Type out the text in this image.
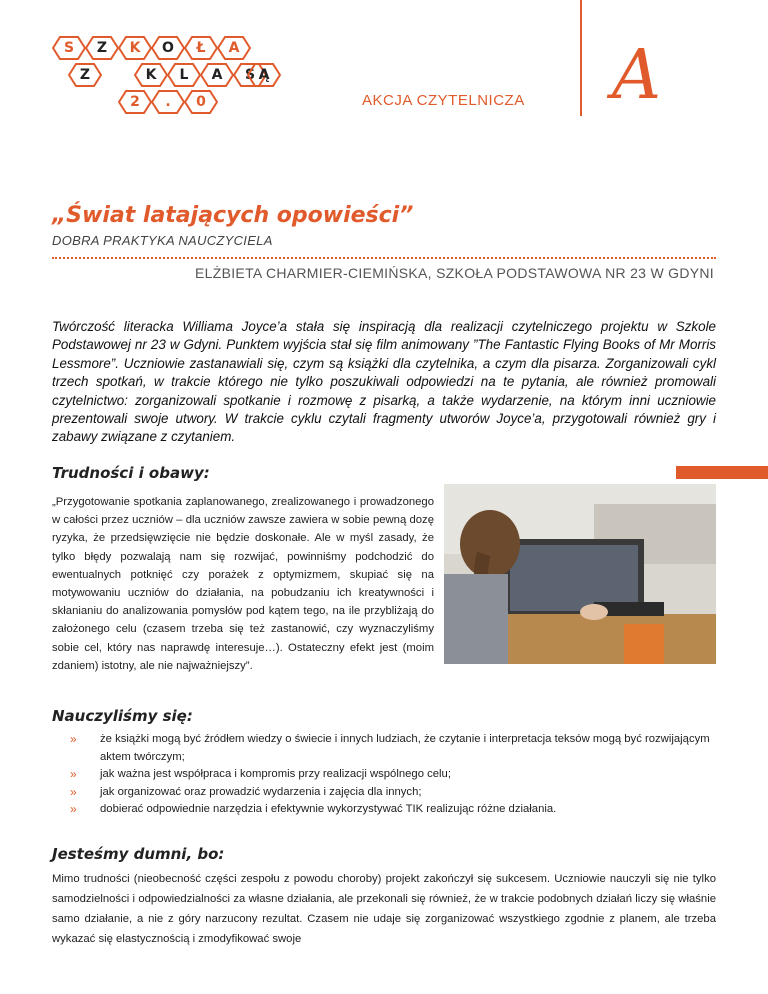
S	Z	K	O	Ł	A
Z	K	L	A	S
2	.	0
Ą
AKCJA CZYTELNICZA A
„Świat latających opowieści”
DOBRA PRAKTYKA NAUCZYCIELA
ELŻBIETA CHARMIER-CIEMIŃSKA, SZKOŁA PODSTAWOWA NR 23 W GDYNI

Twórczość literacka Williama Joyce’a stała się inspiracją dla realizacji czytelniczego projektu w Szkole Podstawowej nr 23 w Gdyni. Punktem wyjścia stał się film animowany ”The Fantastic Flying Books of Mr Morris Lessmore”. Uczniowie zastanawiali się, czym są książki dla czytelnika, a czym dla pisarza. Zorganizowali cykl trzech spotkań, w trakcie którego nie tylko poszukiwali odpowiedzi na te pytania, ale również promowali czytelnictwo: zorganizowali spotkanie i rozmowę z pisarką, a także wydarzenie, na którym inni uczniowie prezentowali swoje utwory. W trakcie cyklu czytali fragmenty utworów Joyce’a, przygotowali również gry i zabawy związane z czytaniem.

Trudności i obawy:

„Przygotowanie spotkania zaplanowanego, zrealizowanego i prowadzonego w całości przez uczniów – dla uczniów zawsze zawiera w sobie pewną dozę ryzyka, że przedsięwzięcie nie będzie doskonałe. Ale w myśl zasady, że tylko błędy pozwalają nam się rozwijać, powinniśmy podchodzić do ewentualnych potknięć czy porażek z optymizmem, skupiać się na motywowaniu uczniów do działania, na pobudzaniu ich kreatywności i skłanianiu do analizowania pomysłów pod kątem tego, na ile przybliżają do założonego celu (czasem trzeba się też zastanowić, czy wyznaczyliśmy sobie cel, który nas naprawdę interesuje…). Ostateczny efekt jest (moim zdaniem) istotny, ale nie najważniejszy”.

Nauczyliśmy się:
» że książki mogą być źródłem wiedzy o świecie i innych ludziach, że czytanie i interpretacja teksów mogą być rozwijającym aktem twórczym;
» jak ważna jest współpraca i kompromis przy realizacji wspólnego celu;
» jak organizować oraz prowadzić wydarzenia i zajęcia dla innych;
» dobierać odpowiednie narzędzia i efektywnie wykorzystywać TIK realizując różne działania.
Jesteśmy dumni, bo:

Mimo trudności (nieobecność części zespołu z powodu choroby) projekt zakończył się sukcesem. Uczniowie nauczyli się nie tylko samodzielności i odpowiedzialności za własne działania, ale przekonali się również, że w trakcie podobnych działań liczy się właśnie samo działanie, a nie z góry narzucony rezultat. Czasem nie udaje się zorganizować wszystkiego zgodnie z planem, ale trzeba wykazać się elastycznością i zmodyfikować swoje
